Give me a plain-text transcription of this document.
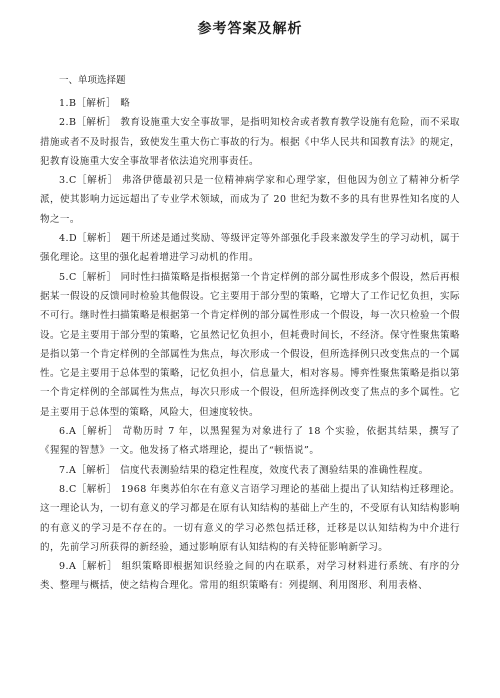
参考答案及解析
一、单项选择题

1.B［解析］ 略

2.B［解析］ 教育设施重大安全事故罪，是指明知校舍或者教育教学设施有危险，而不采取措施或者不及时报告，致使发生重大伤亡事故的行为。根据《中华人民共和国教育法》的规定，犯教育设施重大安全事故罪者依法追究刑事责任。

3.C［解析］ 弗洛伊德最初只是一位精神病学家和心理学家，但他因为创立了精神分析学派，使其影响力远远超出了专业学术领域，而成为了 20 世纪为数不多的具有世界性知名度的人物之一。

4.D［解析］ 题干所述是通过奖励、等级评定等外部强化手段来激发学生的学习动机，属于强化理论。这里的强化起着增进学习动机的作用。

5.C［解析］ 同时性扫描策略是指根据第一个肯定样例的部分属性形成多个假设，然后再根据某一假设的反馈同时检验其他假设。它主要用于部分型的策略，它增大了工作记忆负担，实际不可行。继时性扫描策略是根据第一个肯定样例的部分属性形成一个假设，每一次只检验一个假设。它是主要用于部分型的策略，它虽然记忆负担小，但耗费时间长，不经济。保守性聚焦策略是指以第一个肯定样例的全部属性为焦点，每次形成一个假设，但所选择例只改变焦点的一个属性。它是主要用于总体型的策略，记忆负担小，信息量大，相对容易。博弈性聚焦策略是指以第一个肯定样例的全部属性为焦点，每次只形成一个假设，但所选择例改变了焦点的多个属性。它是主要用于总体型的策略，风险大，但速度较快。

6.A［解析］ 苛勒历时 7 年，以黑猩猩为对象进行了 18 个实验，依据其结果，撰写了《猩猩的智慧》一文。他发扬了格式塔理论，提出了“顿悟说”。

7.A［解析］ 信度代表测验结果的稳定性程度，效度代表了测验结果的准确性程度。

8.C［解析］ 1968 年奥苏伯尔在有意义言语学习理论的基础上提出了认知结构迁移理论。这一理论认为，一切有意义的学习都是在原有认知结构的基础上产生的，不受原有认知结构影响的有意义的学习是不存在的。一切有意义的学习必然包括迁移，迁移是以认知结构为中介进行的，先前学习所获得的新经验，通过影响原有认知结构的有关特征影响新学习。

9.A［解析］ 组织策略即根据知识经验之间的内在联系，对学习材料进行系统、有序的分类、整理与概括，使之结构合理化。常用的组织策略有：列提纲、利用图形、利用表格、
